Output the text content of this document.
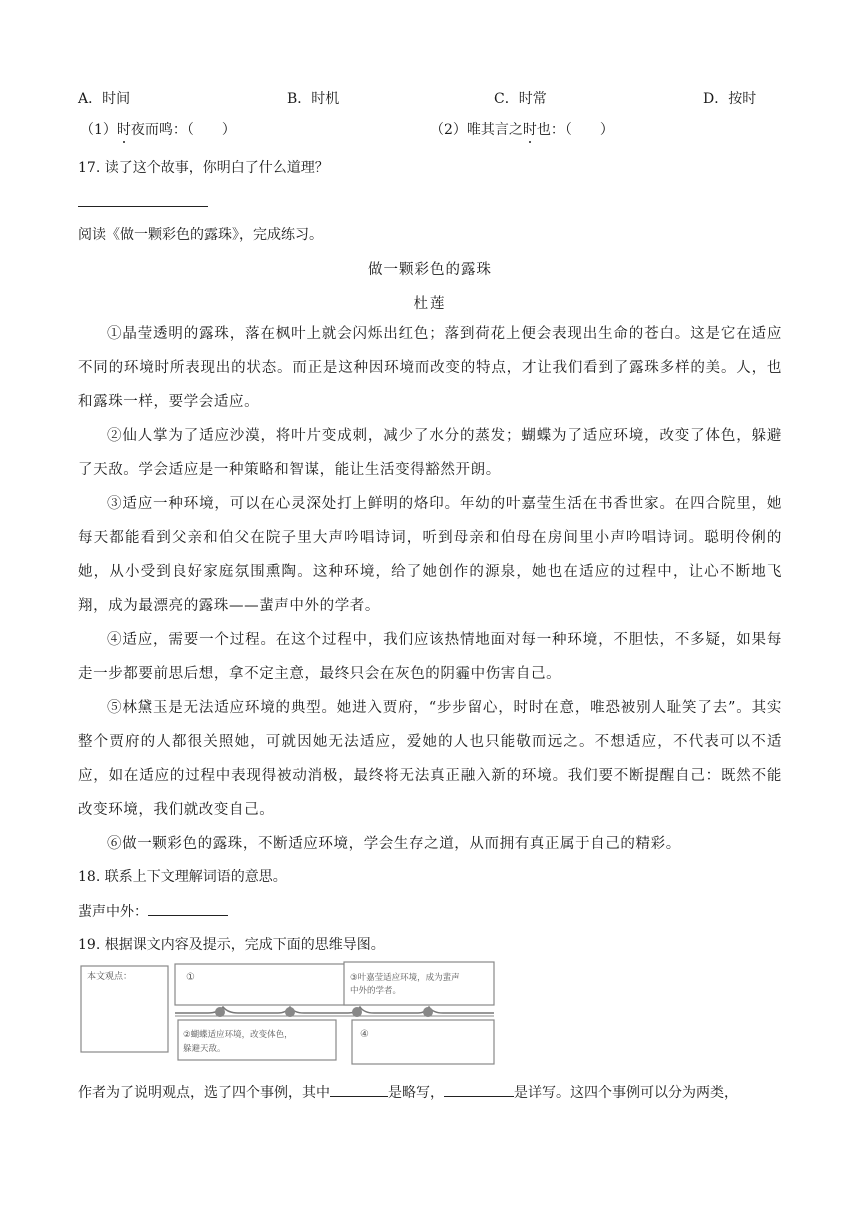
A．时间	B．时机	C．时常	D．按时
（1）时夜而鸣：（　　）	（2）唯其言之时也：（　　）
17. 读了这个故事，你明白了什么道理？
阅读《做一颗彩色的露珠》，完成练习。
做一颗彩色的露珠
杜莲
①晶莹透明的露珠，落在枫叶上就会闪烁出红色；落到荷花上便会表现出生命的苍白。这是它在适应不同的环境时所表现出的状态。而正是这种因环境而改变的特点，才让我们看到了露珠多样的美。人，也和露珠一样，要学会适应。
②仙人掌为了适应沙漠，将叶片变成刺，减少了水分的蒸发；蝴蝶为了适应环境，改变了体色，躲避了天敌。学会适应是一种策略和智谋，能让生活变得豁然开朗。
③适应一种环境，可以在心灵深处打上鲜明的烙印。年幼的叶嘉莹生活在书香世家。在四合院里，她每天都能看到父亲和伯父在院子里大声吟唱诗词，听到母亲和伯母在房间里小声吟唱诗词。聪明伶俐的她，从小受到良好家庭氛围熏陶。这种环境，给了她创作的源泉，她也在适应的过程中，让心不断地飞翔，成为最漂亮的露珠——蜚声中外的学者。
④适应，需要一个过程。在这个过程中，我们应该热情地面对每一种环境，不胆怯，不多疑，如果每走一步都要前思后想，拿不定主意，最终只会在灰色的阴霾中伤害自己。
⑤林黛玉是无法适应环境的典型。她进入贾府，“步步留心，时时在意，唯恐被别人耻笑了去”。其实整个贾府的人都很关照她，可就因她无法适应，爱她的人也只能敬而远之。不想适应，不代表可以不适应，如在适应的过程中表现得被动消极，最终将无法真正融入新的环境。我们要不断提醒自己：既然不能改变环境，我们就改变自己。
⑥做一颗彩色的露珠，不断适应环境，学会生存之道，从而拥有真正属于自己的精彩。
18. 联系上下文理解词语的意思。
蜚声中外：
19. 根据课文内容及提示，完成下面的思维导图。
本文观点：	①	③叶嘉莹适应环境，成为蜚声
中外的学者。
②蝴蝶适应环境，改变体色，
躲避天敌。
④
作者为了说明观点，选了四个事例，其中	是略写，	是详写。这四个事例可以分为两类，
